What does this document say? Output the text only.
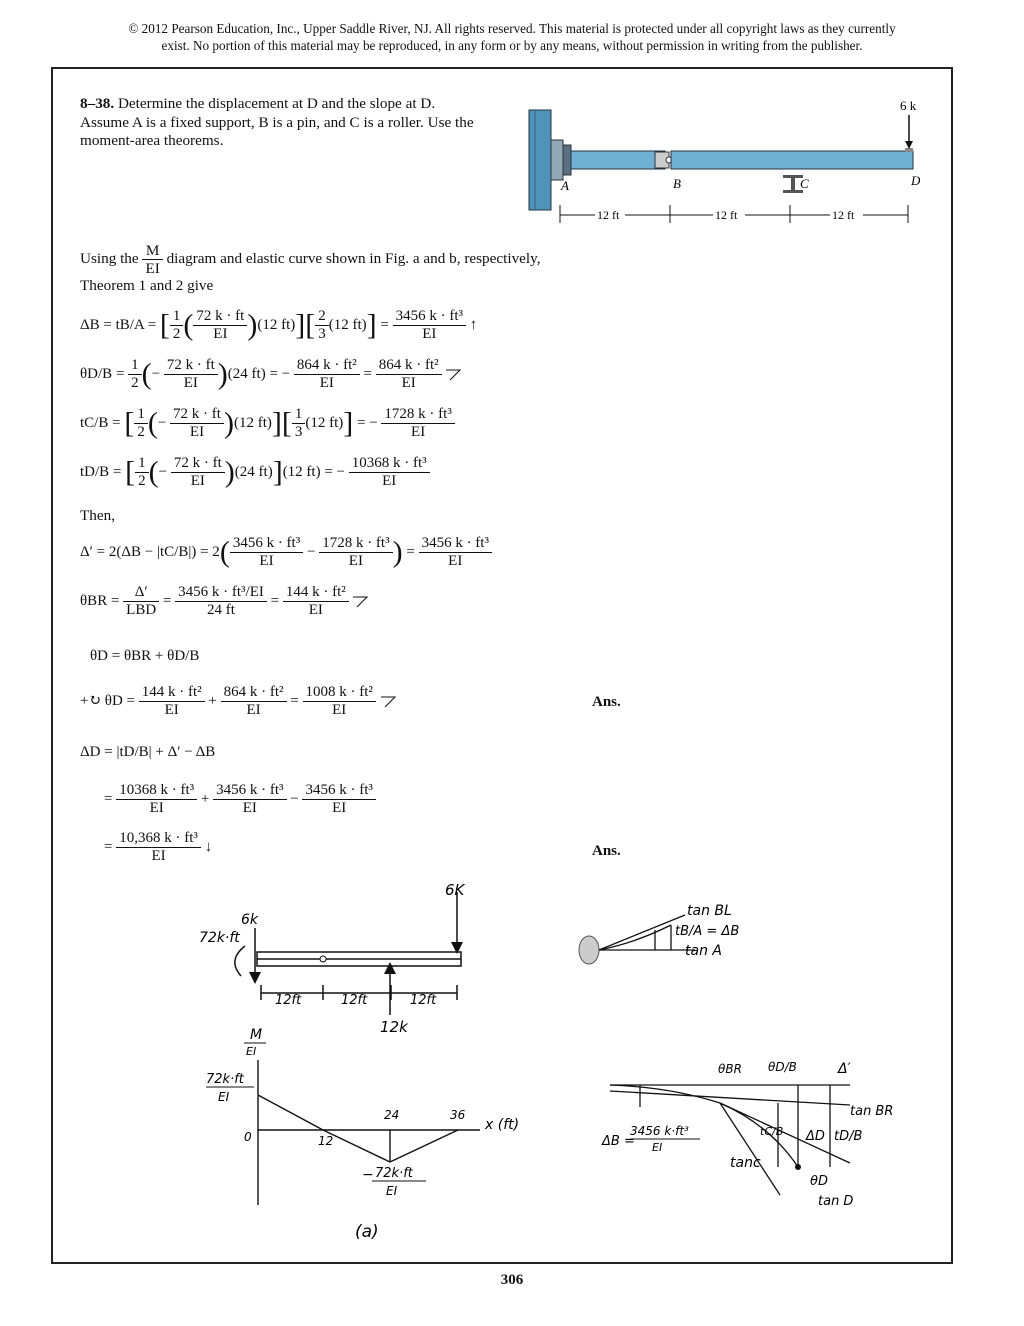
© 2012 Pearson Education, Inc., Upper Saddle River, NJ. All rights reserved. This material is protected under all copyright laws as they currently
exist. No portion of this material may be reproduced, in any form or by any means, without permission in writing from the publisher.
8–38. Determine the displacement at D and the slope at D. Assume A is a fixed support, B is a pin, and C is a roller. Use the moment-area theorems.
6 k
A	B	C	D
12 ft	12 ft	12 ft
Using the $\frac{M}{EI}$ diagram and elastic curve shown in Fig. a and b, respectively,
Theorem 1 and 2 give
ΔB = tB/A = [ $\frac{1}{2}$ ( $\frac{72 k \cdot ft}{EI} )(12$ $ft)][ \frac{2}{3} (12$ $ft)] = \frac{\text{3456 k · ft³}}{EI}$ ↑
$\theta D/B = \frac{1}{2}$ (− $\frac{72 k \cdot ft}{EI} )(24$ ft) = − $\frac{\text{864 k · ft²}}{EI} = \frac{\text{864 k · ft²}}{EI}$

tC/B = [ $\frac{1}{2}$ (− $\frac{72 k \cdot ft}{EI} )(12$ $ft)][ \frac{1}{3} (12$ ft)] = − $\frac{\text{1728 k · ft³}}{EI}$
tD/B = [ $\frac{1}{2}$ (− $\frac{72 k \cdot ft}{EI} )(24$ ft)](12 ft) = − $\frac{\text{10368 k · ft³}}{EI}$
Then,
$\Delta' = 2(\Delta B - |tC/B|) = 2( \frac{\text{3456 k · ft³}}{EI} - \frac{\text{1728 k · ft³}}{EI}$ ) = $\frac{\text{3456 k · ft³}}{EI}$
$\theta BR = \frac{\Delta'}{\text{LBD}} = \frac{\text{3456 k · ft³/EI}}{24 ft} = \frac{\text{144 k · ft²}}{EI}$

θD = θBR + θD/B
+↻ $\theta D = \frac{\text{144 k · ft²}}{EI} + \frac{\text{864 k · ft²}}{EI} = \frac{\text{1008 k · ft²}}{EI}$
	Ans.
ΔD = |tD/B| + Δ′ − ΔB
= $\frac{\text{10368 k · ft³}}{EI} + \frac{\text{3456 k · ft³}}{EI} - \frac{\text{3456 k · ft³}}{EI}$
= $\frac{\text{10,368 k · ft³}}{EI}$ ↓	Ans.
6K
6k
72k·ft
12ft	12ft	12ft
12k
tan BL
tB/A = ΔB
tan A
M
EI
72k·ft
EI
0	12
24	36
x (ft)
− 72k·ft
EI
(a)
θBR θD/B	Δ′
tan BR
tC/B ΔD tD/B
tanc
θD
tan D
ΔB =
3456 k·ft³
EI
306
